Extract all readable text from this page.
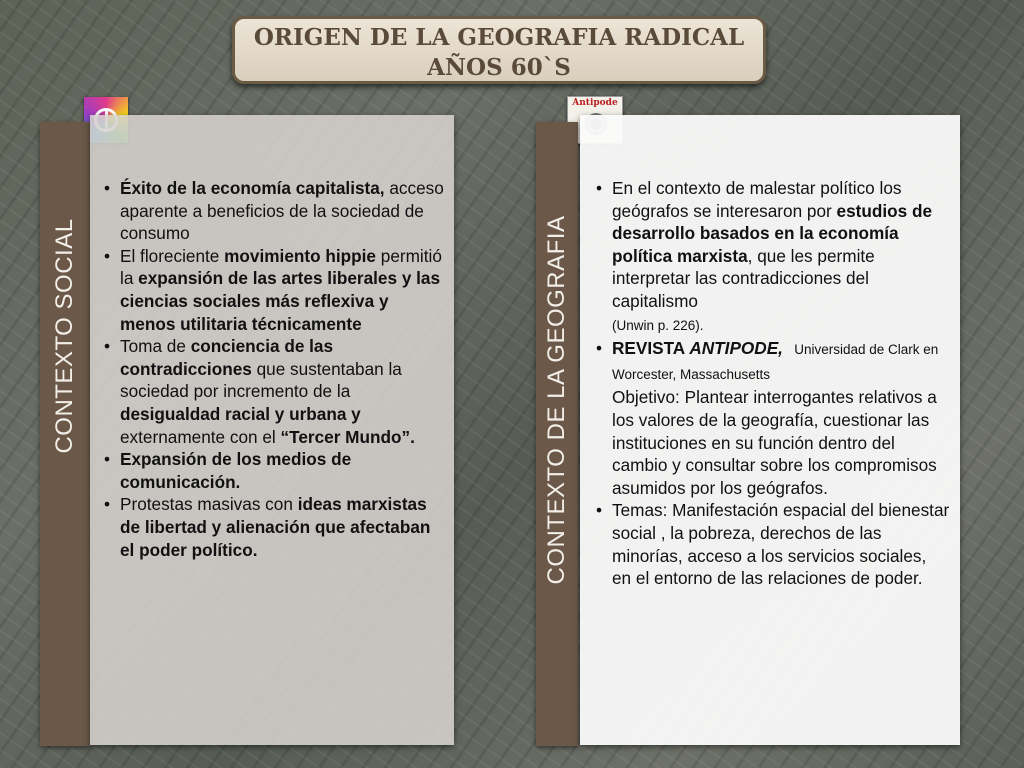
ORIGEN DE LA GEOGRAFIA RADICAL
AÑOS 60`S
Antipode
CONTEXTO SOCIAL
• Éxito de la economía capitalista, acceso aparente a beneficios de la sociedad de consumo
• El floreciente movimiento hippie permitió la expansión de las artes liberales y las ciencias sociales más reflexiva y menos utilitaria técnicamente
• Toma de conciencia de las contradicciones que sustentaban la sociedad por incremento de la desigualdad racial y urbana y externamente con el “Tercer Mundo”.
• Expansión de los medios de comunicación.
• Protestas masivas con ideas marxistas de libertad y alienación que afectaban el poder político.	CONTEXTO DE LA GEOGRAFIA
• En el contexto de malestar político los geógrafos se interesaron por estudios de desarrollo basados en la economía política marxista, que les permite interpretar las contradicciones del capitalismo
(Unwin p. 226).
• REVISTA ANTIPODE,   Universidad de Clark en Worcester, Massachusetts
Objetivo: Plantear interrogantes relativos a los valores de la geografía, cuestionar las instituciones en su función dentro del cambio y consultar sobre los compromisos asumidos por los geógrafos.
• Temas: Manifestación espacial del bienestar social , la pobreza, derechos de las minorías, acceso a los servicios sociales, en el entorno de las relaciones de poder.
